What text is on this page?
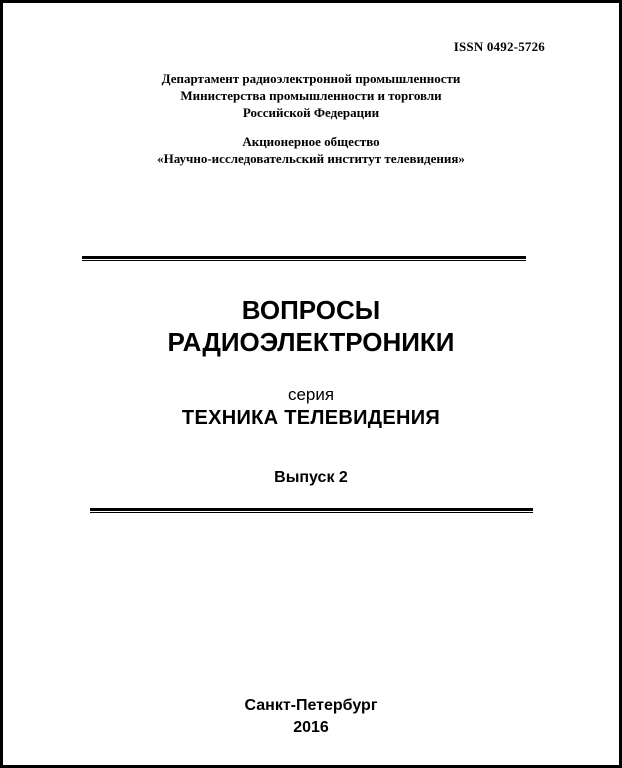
ISSN 0492-5726
Департамент радиоэлектронной промышленности
Министерства промышленности и торговли
Российской Федерации
Акционерное общество
«Научно-исследовательский институт телевидения»
ВОПРОСЫ
РАДИОЭЛЕКТРОНИКИ
серия
ТЕХНИКА ТЕЛЕВИДЕНИЯ
Выпуск 2
Санкт-Петербург
2016
